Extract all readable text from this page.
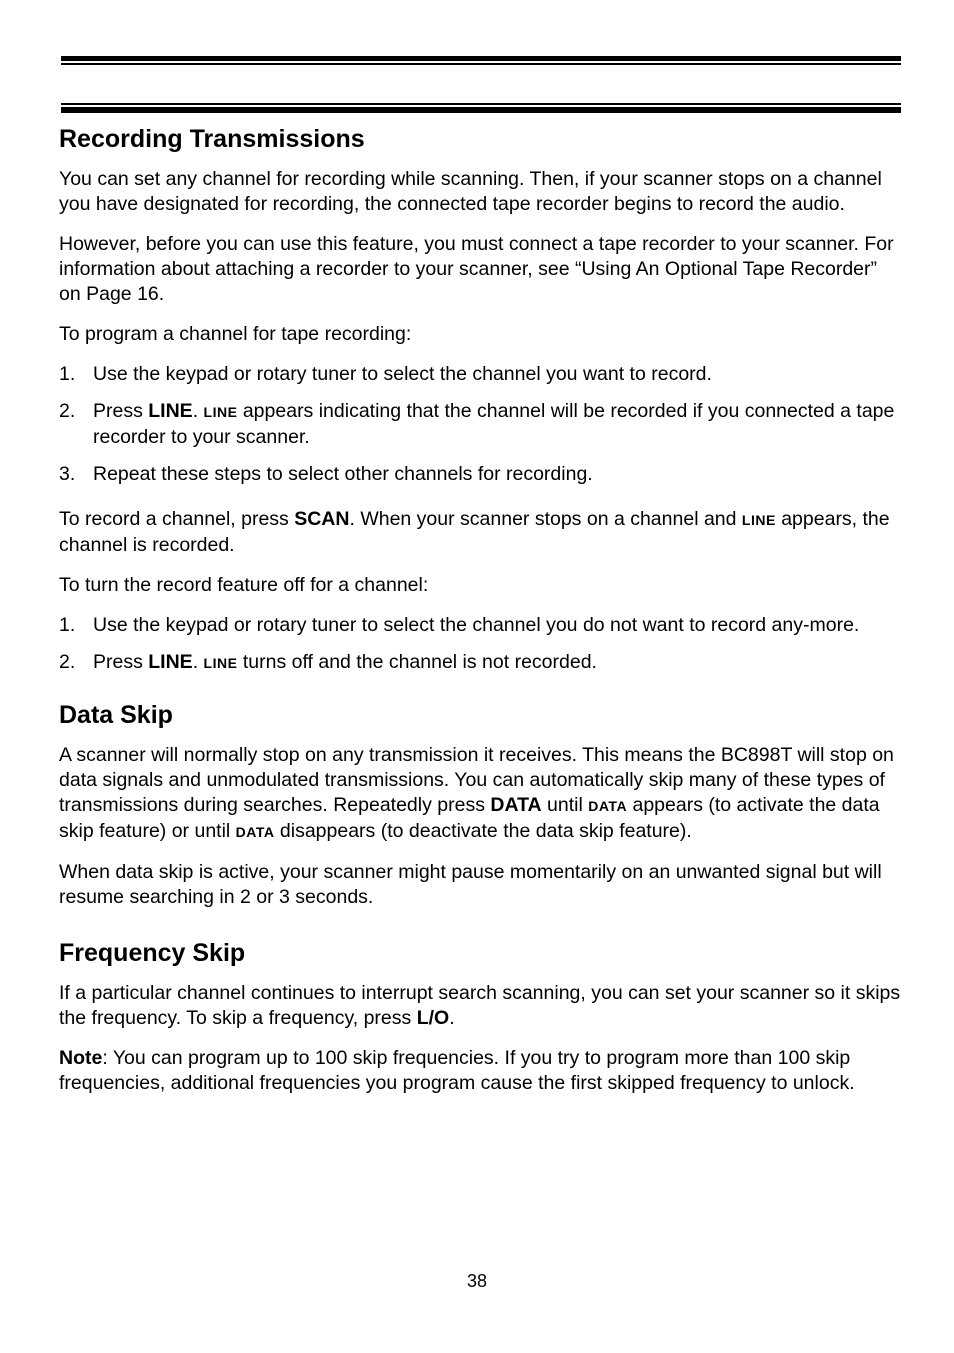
Recording Transmissions

You can set any channel for recording while scanning. Then, if your scanner stops on a channel you have designated for recording, the connected tape recorder begins to record the audio.

However, before you can use this feature, you must connect a tape recorder to your scanner. For information about attaching a recorder to your scanner, see “Using An Optional Tape Recorder” on Page 16.

To program a channel for tape recording:

1. Use the keypad or rotary tuner to select the channel you want to record.
2. Press LINE. LINE appears indicating that the channel will be recorded if you connected a tape recorder to your scanner.
3. Repeat these steps to select other channels for recording.

To record a channel, press SCAN. When your scanner stops on a channel and LINE appears, the channel is recorded.

To turn the record feature off for a channel:

1. Use the keypad or rotary tuner to select the channel you do not want to record any-more.
2. Press LINE. LINE turns off and the channel is not recorded.
Data Skip

A scanner will normally stop on any transmission it receives. This means the BC898T will stop on data signals and unmodulated transmissions. You can automatically skip many of these types of transmissions during searches. Repeatedly press DATA until DATA appears (to activate the data skip feature) or until DATA disappears (to deactivate the data skip feature).

When data skip is active, your scanner might pause momentarily on an unwanted signal but will resume searching in 2 or 3 seconds.

Frequency Skip

If a particular channel continues to interrupt search scanning, you can set your scanner so it skips the frequency. To skip a frequency, press L/O.

Note: You can program up to 100 skip frequencies. If you try to program more than 100 skip frequencies, additional frequencies you program cause the first skipped frequency to unlock.

38
